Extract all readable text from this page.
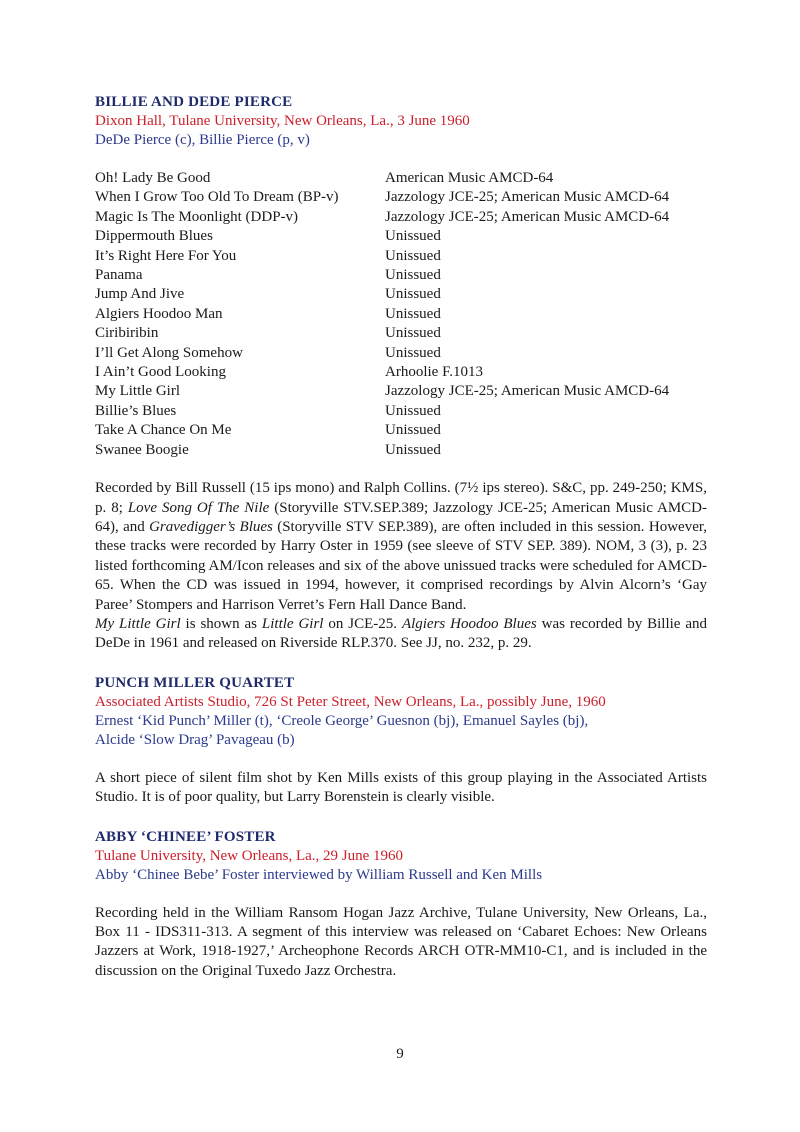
BILLIE AND DEDE PIERCE
Dixon Hall, Tulane University, New Orleans, La., 3 June 1960
DeDe Pierce (c), Billie Pierce (p, v)
Oh! Lady Be Good	American Music AMCD-64
When I Grow Too Old To Dream (BP-v)	Jazzology JCE-25; American Music AMCD-64
Magic Is The Moonlight (DDP-v)	Jazzology JCE-25; American Music AMCD-64
Dippermouth Blues	Unissued
It’s Right Here For You	Unissued
Panama	Unissued
Jump And Jive	Unissued
Algiers Hoodoo Man	Unissued
Ciribiribin	Unissued
I’ll Get Along Somehow	Unissued
I Ain’t Good Looking	Arhoolie F.1013
My Little Girl	Jazzology JCE-25; American Music AMCD-64
Billie’s Blues	Unissued
Take A Chance On Me	Unissued
Swanee Boogie	Unissued

Recorded by Bill Russell (15 ips mono) and Ralph Collins. (7½ ips stereo). S&C, pp. 249-250; KMS, p. 8; Love Song Of The Nile (Storyville STV.SEP.389; Jazzology JCE-25; American Music AMCD-64), and Gravedigger’s Blues (Storyville STV SEP.389), are often included in this session. However, these tracks were recorded by Harry Oster in 1959 (see sleeve of STV SEP. 389). NOM, 3 (3), p. 23 listed forthcoming AM/Icon releases and six of the above unissued tracks were scheduled for AMCD-65. When the CD was issued in 1994, however, it comprised recordings by Alvin Alcorn’s ‘Gay Paree’ Stompers and Harrison Verret’s Fern Hall Dance Band.

My Little Girl is shown as Little Girl on JCE-25. Algiers Hoodoo Blues was recorded by Billie and DeDe in 1961 and released on Riverside RLP.370. See JJ, no. 232, p. 29.

PUNCH MILLER QUARTET
Associated Artists Studio, 726 St Peter Street, New Orleans, La., possibly June, 1960
Ernest ‘Kid Punch’ Miller (t), ‘Creole George’ Guesnon (bj), Emanuel Sayles (bj),
Alcide ‘Slow Drag’ Pavageau (b)

A short piece of silent film shot by Ken Mills exists of this group playing in the Associated Artists Studio. It is of poor quality, but Larry Borenstein is clearly visible.

ABBY ‘CHINEE’ FOSTER
Tulane University, New Orleans, La., 29 June 1960
Abby ‘Chinee Bebe’ Foster interviewed by William Russell and Ken Mills

Recording held in the William Ransom Hogan Jazz Archive, Tulane University, New Orleans, La., Box 11 - IDS311-313. A segment of this interview was released on ‘Cabaret Echoes: New Orleans Jazzers at Work, 1918-1927,’ Archeophone Records ARCH OTR-MM10-C1, and is included in the discussion on the Original Tuxedo Jazz Orchestra.

9
